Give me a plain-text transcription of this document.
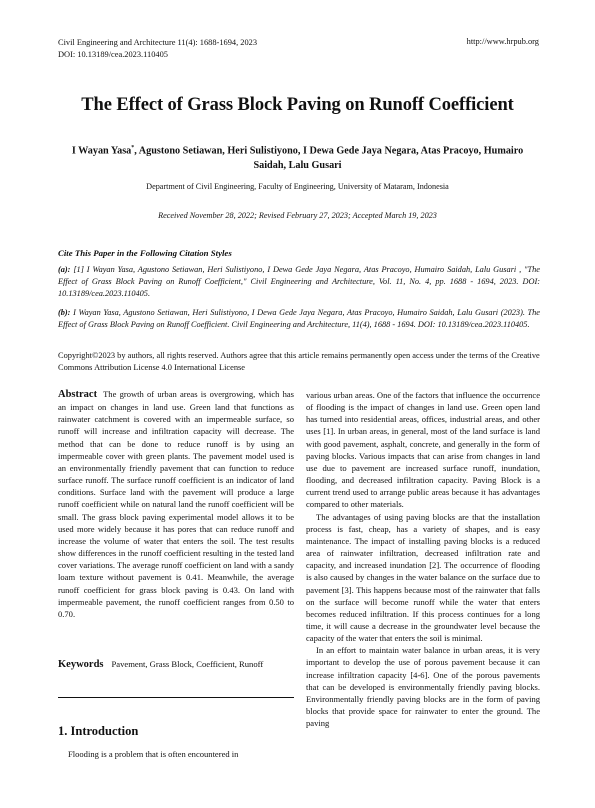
Civil Engineering and Architecture 11(4): 1688-1694, 2023
DOI: 10.13189/cea.2023.110405
http://www.hrpub.org
The Effect of Grass Block Paving on Runoff Coefficient
I Wayan Yasa*, Agustono Setiawan, Heri Sulistiyono, I Dewa Gede Jaya Negara, Atas Pracoyo, Humairo Saidah, Lalu Gusari
Department of Civil Engineering, Faculty of Engineering, University of Mataram, Indonesia
Received November 28, 2022; Revised February 27, 2023; Accepted March 19, 2023
Cite This Paper in the Following Citation Styles
(a): [1] I Wayan Yasa, Agustono Setiawan, Heri Sulistiyono, I Dewa Gede Jaya Negara, Atas Pracoyo, Humairo Saidah, Lalu Gusari , "The Effect of Grass Block Paving on Runoff Coefficient," Civil Engineering and Architecture, Vol. 11, No. 4, pp. 1688 - 1694, 2023. DOI: 10.13189/cea.2023.110405.
(b): I Wayan Yasa, Agustono Setiawan, Heri Sulistiyono, I Dewa Gede Jaya Negara, Atas Pracoyo, Humairo Saidah, Lalu Gusari (2023). The Effect of Grass Block Paving on Runoff Coefficient. Civil Engineering and Architecture, 11(4), 1688 - 1694. DOI: 10.13189/cea.2023.110405.
Copyright©2023 by authors, all rights reserved. Authors agree that this article remains permanently open access under the terms of the Creative Commons Attribution License 4.0 International License
Abstract The growth of urban areas is overgrowing, which has an impact on changes in land use. Green land that functions as rainwater catchment is covered with an impermeable surface, so runoff will increase and infiltration capacity will decrease. The method that can be done to reduce runoff is by using an impermeable cover with green plants. The pavement model used is an environmentally friendly pavement that can function to reduce surface runoff. The surface runoff coefficient is an indicator of land conditions. Surface land with the pavement will produce a large runoff coefficient while on natural land the runoff coefficient will be small. The grass block paving experimental model allows it to be used more widely because it has pores that can reduce runoff and increase the volume of water that enters the soil. The test results show differences in the runoff coefficient resulting in the tested land cover variations. The average runoff coefficient on land with a sandy loam texture without pavement is 0.41. Meanwhile, the average runoff coefficient for grass block paving is 0.43. On land with impermeable pavement, the runoff coefficient ranges from 0.50 to 0.70.
Keywords Pavement, Grass Block, Coefficient, Runoff
1. Introduction
Flooding is a problem that is often encountered in

various urban areas. One of the factors that influence the occurrence of flooding is the impact of changes in land use. Green open land has turned into residential areas, offices, industrial areas, and other uses [1]. In urban areas, in general, most of the land surface is land with good pavement, asphalt, concrete, and generally in the form of paving blocks. Various impacts that can arise from changes in land use due to pavement are increased surface runoff, inundation, flooding, and decreased infiltration capacity. Paving Block is a current trend used to arrange public areas because it has advantages compared to other materials.

The advantages of using paving blocks are that the installation process is fast, cheap, has a variety of shapes, and is easy maintenance. The impact of installing paving blocks is a reduced area of rainwater infiltration, decreased infiltration rate and capacity, and increased inundation [2]. The occurrence of flooding is also caused by changes in the water balance on the surface due to pavement [3]. This happens because most of the rainwater that falls on the surface will become runoff while the water that enters becomes reduced infiltration. If this process continues for a long time, it will cause a decrease in the groundwater level because the capacity of the water that enters the soil is minimal.

In an effort to maintain water balance in urban areas, it is very important to develop the use of porous pavement because it can increase infiltration capacity [4-6]. One of the porous pavements that can be developed is environmentally friendly paving blocks. Environmentally friendly paving blocks are in the form of paving blocks that provide space for rainwater to enter the ground. The paving
